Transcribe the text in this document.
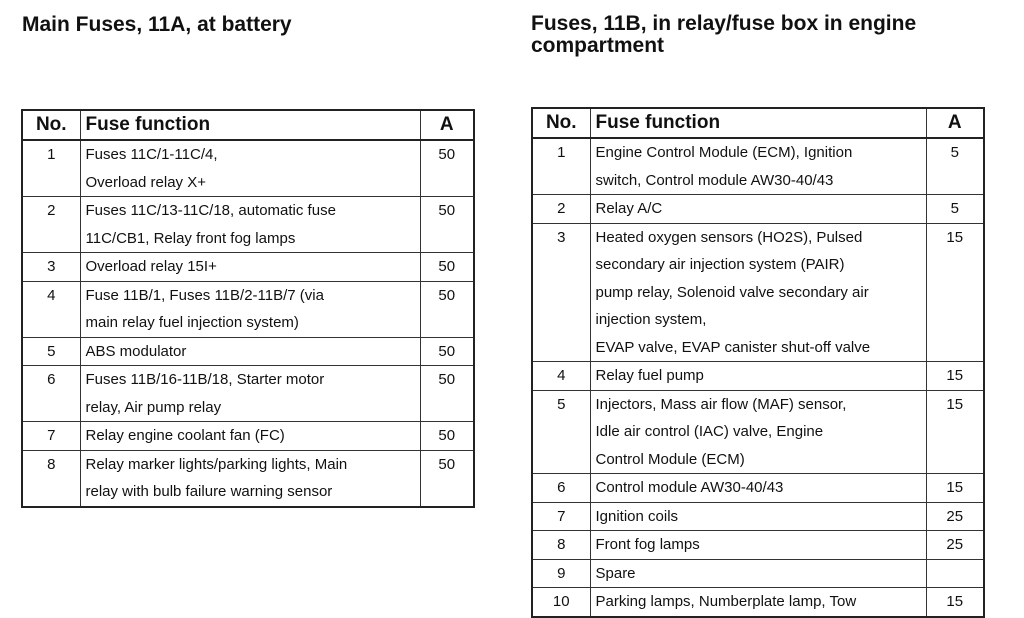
Main Fuses, 11A, at battery	Fuses, 11B, in relay/fuse box in engine compartment
No.	Fuse function	A
1	Fuses 11C/1-11C/4,
Overload relay X+	50
2	Fuses 11C/13-11C/18, automatic fuse
11C/CB1, Relay front fog lamps	50
3	Overload relay 15I+	50
4	Fuse 11B/1, Fuses 11B/2-11B/7 (via
main relay fuel injection system)	50
5	ABS modulator	50
6	Fuses 11B/16-11B/18, Starter motor
relay, Air pump relay	50
7	Relay engine coolant fan (FC)	50
8	Relay marker lights/parking lights, Main
relay with bulb failure warning sensor	50
No.	Fuse function	A
1	Engine Control Module (ECM), Ignition
switch, Control module AW30-40/43	5
2	Relay A/C	5
3	Heated oxygen sensors (HO2S), Pulsed
secondary air injection system (PAIR)
pump relay, Solenoid valve secondary air
injection system,
EVAP valve, EVAP canister shut-off valve	15
4	Relay fuel pump	15
5	Injectors, Mass air flow (MAF) sensor,
Idle air control (IAC) valve, Engine
Control Module (ECM)	15
6	Control module AW30-40/43	15
7	Ignition coils	25
8	Front fog lamps	25
9	Spare	

10	Parking lamps, Numberplate lamp, Tow	15
